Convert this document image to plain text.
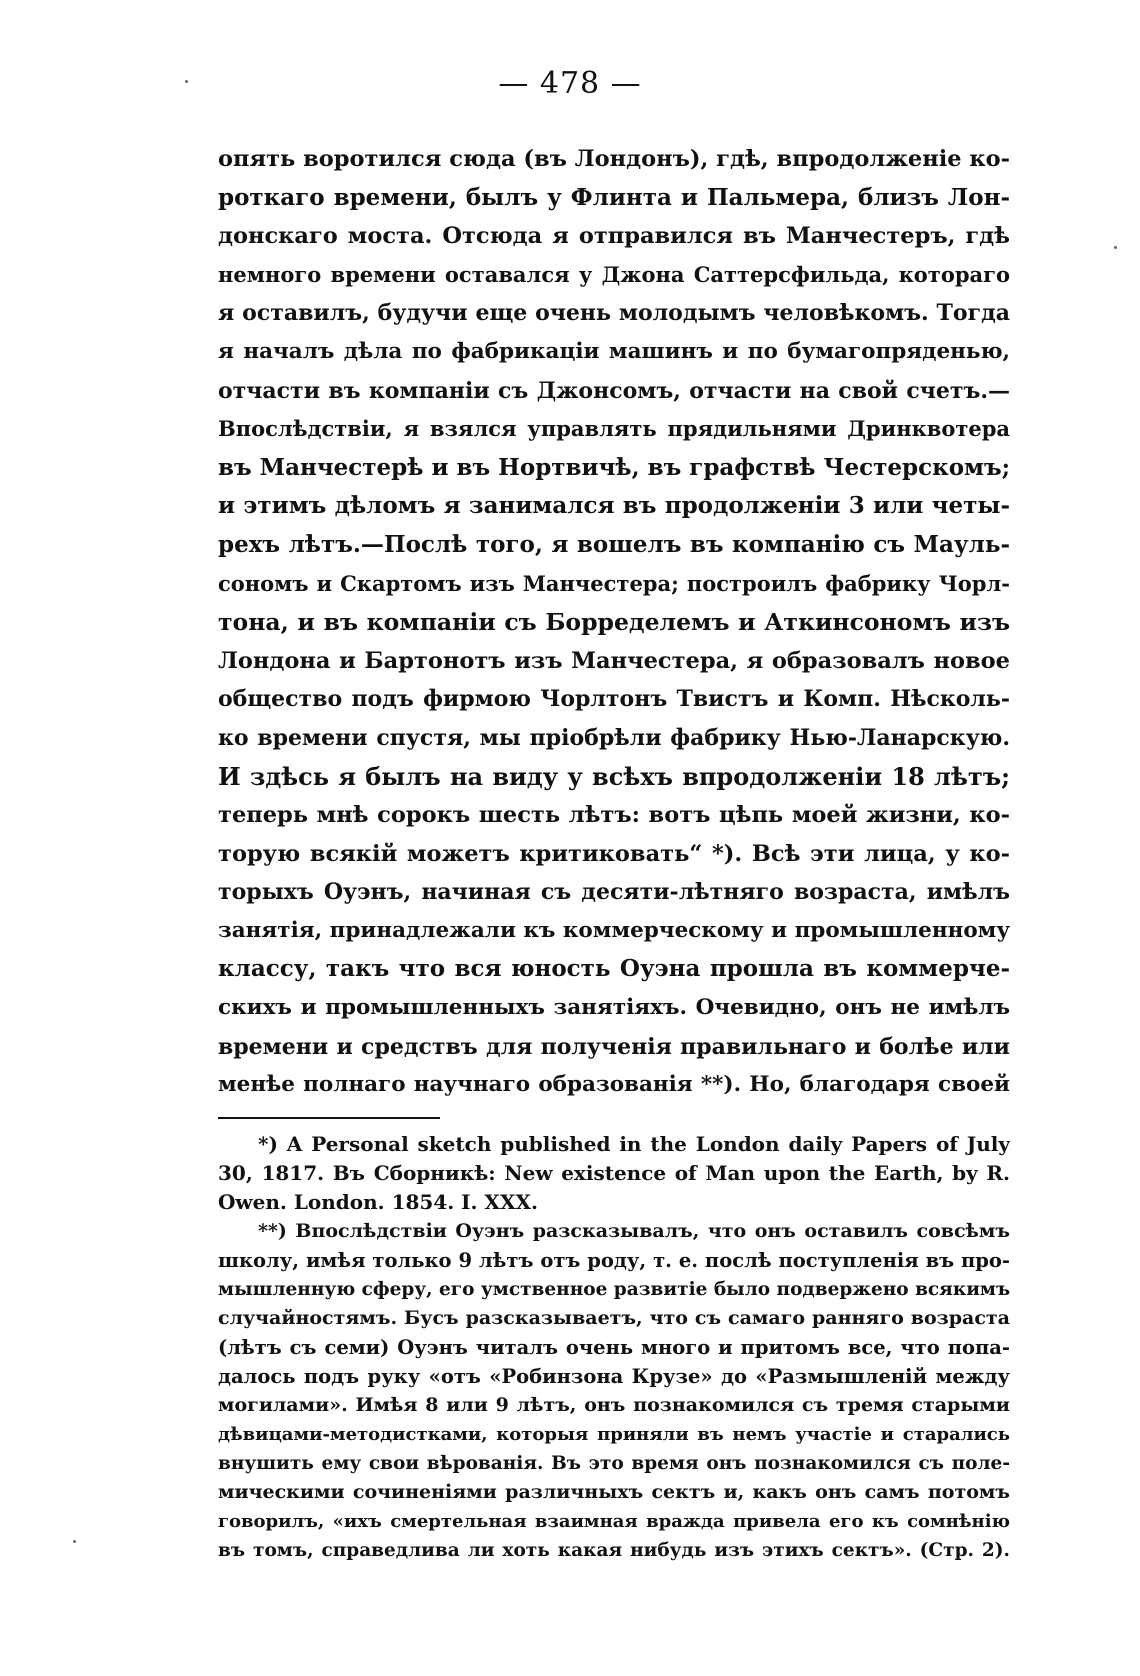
— 478 —
опять воротился сюда (въ Лондонъ), гдѣ, впродолженіе ко-
роткаго времени, былъ у Флинта и Пальмера, близъ Лон-
донскаго моста. Отсюда я отправился въ Манчестеръ, гдѣ
немного времени оставался у Джона Саттерсфильда, котораго
я оставилъ, будучи еще очень молодымъ человѣкомъ. Тогда
я началъ дѣла по фабрикаціи машинъ и по бумагопряденью,
отчасти въ компаніи съ Джонсомъ, отчасти на свой счетъ.—
Впослѣдствіи, я взялся управлять прядильнями Дринквотера
въ Манчестерѣ и въ Нортвичѣ, въ графствѣ Честерскомъ;
и этимъ дѣломъ я занимался въ продолженіи 3 или четы-
рехъ лѣтъ.—Послѣ того, я вошелъ въ компанію съ Мауль-
сономъ и Скартомъ изъ Манчестера; построилъ фабрику Чорл-
тона, и въ компаніи съ Борределемъ и Аткинсономъ изъ
Лондона и Бартонотъ изъ Манчестера, я образовалъ новое
общество подъ фирмою Чорлтонъ Твистъ и Комп. Нѣсколь-
ко времени спустя, мы пріобрѣли фабрику Нью-Ланарскую.
И здѣсь я былъ на виду у всѣхъ впродолженіи 18 лѣтъ;
теперь мнѣ сорокъ шесть лѣтъ: вотъ цѣпь моей жизни, ко-
торую всякій можетъ критиковать“ *). Всѣ эти лица, у ко-
торыхъ Оуэнъ, начиная съ десяти-лѣтняго возраста, имѣлъ
занятія, принадлежали къ коммерческому и промышленному
классу, такъ что вся юность Оуэна прошла въ коммерче-
скихъ и промышленныхъ занятіяхъ. Очевидно, онъ не имѣлъ
времени и средствъ для полученія правильнаго и болѣе или
менѣе полнаго научнаго образованія **). Но, благодаря своей
*) A Personal sketch published in the London daily Papers of July
30, 1817. Въ Сборникѣ: New existence of Man upon the Earth, by R.
Owen. London. 1854. I. XXX.
**) Впослѣдствіи Оуэнъ разсказывалъ, что онъ оставилъ совсѣмъ
школу, имѣя только 9 лѣтъ отъ роду, т. е. послѣ поступленія въ про-
мышленную сферу, его умственное развитіе было подвержено всякимъ
случайностямъ. Бусъ разсказываетъ, что съ самаго ранняго возраста
(лѣтъ съ семи) Оуэнъ читалъ очень много и притомъ все, что попа-
далось подъ руку «отъ «Робинзона Крузе» до «Размышленій между
могилами». Имѣя 8 или 9 лѣтъ, онъ познакомился съ тремя старыми
дѣвицами-методистками, которыя приняли въ немъ участіе и старались
внушить ему свои вѣрованія. Въ это время онъ познакомился съ поле-
мическими сочиненіями различныхъ сектъ и, какъ онъ самъ потомъ
говорилъ, «ихъ смертельная взаимная вражда привела его къ сомнѣнію
въ томъ, справедлива ли хоть какая нибудь изъ этихъ сектъ». (Стр. 2).
